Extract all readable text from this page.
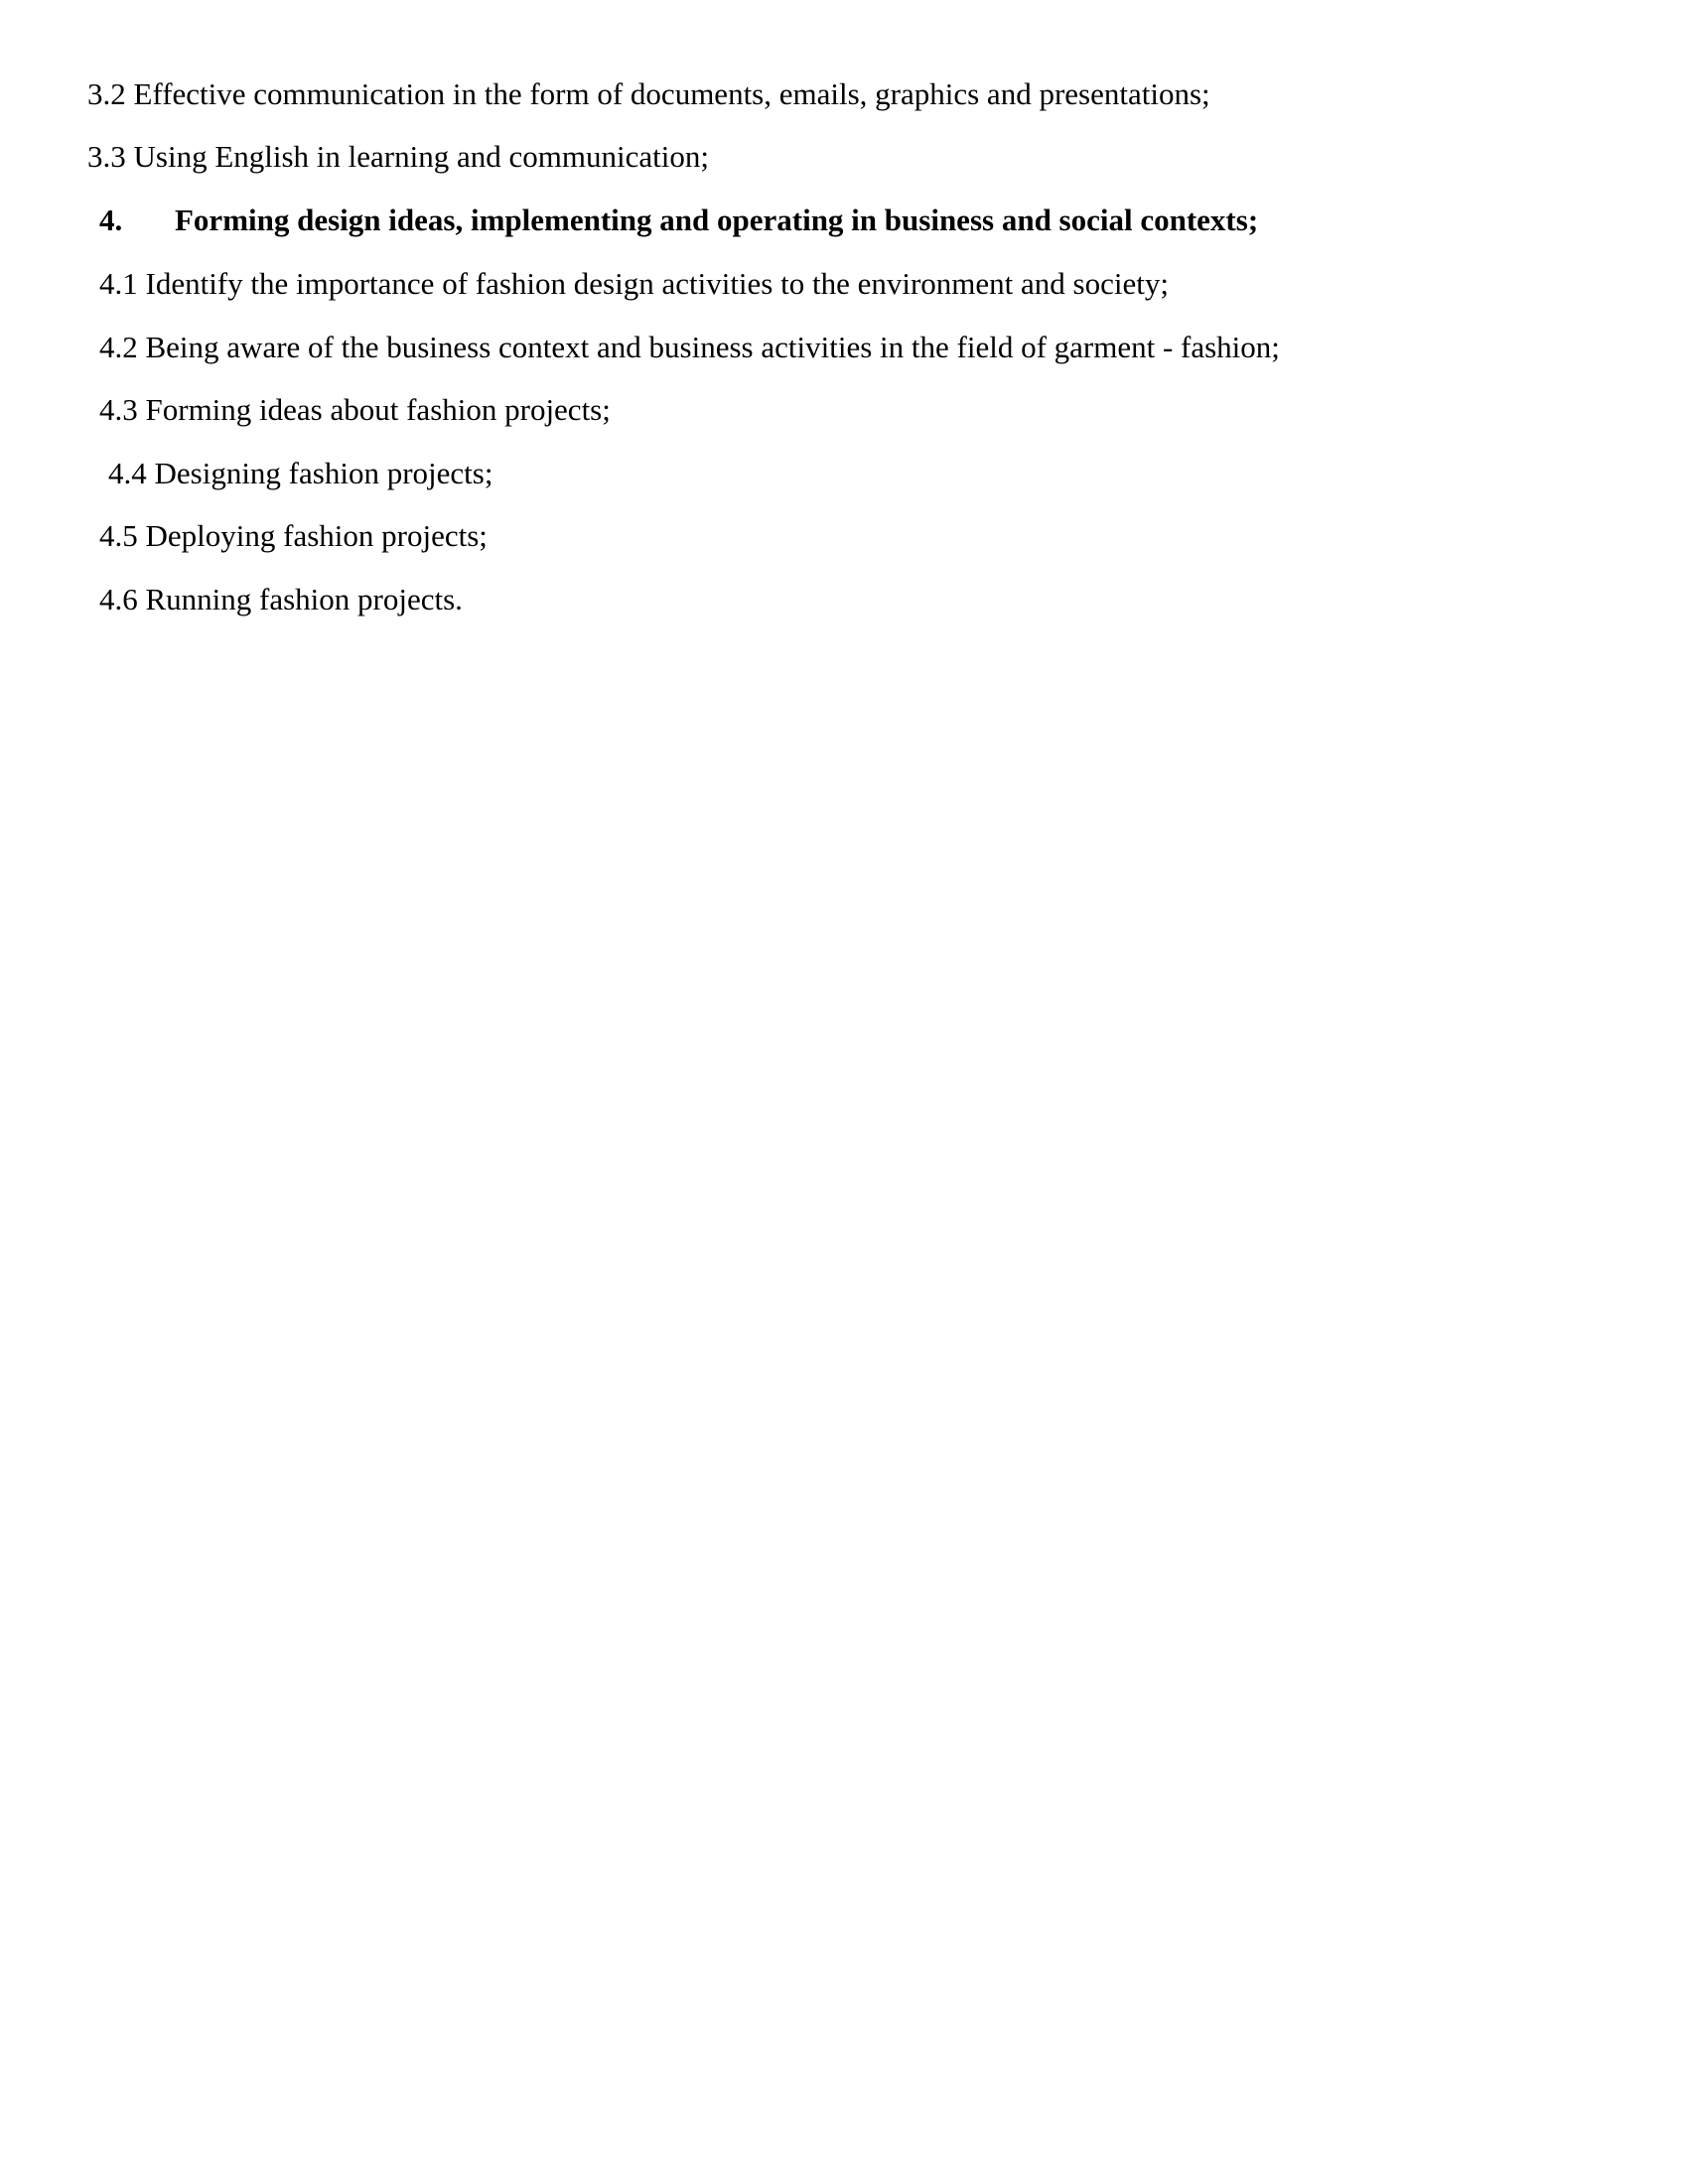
3.2 Effective communication in the form of documents, emails, graphics and presentations;
3.3 Using English in learning and communication;
4. Forming design ideas, implementing and operating in business and social contexts;
4.1 Identify the importance of fashion design activities to the environment and society;
4.2 Being aware of the business context and business activities in the field of garment - fashion;
4.3 Forming ideas about fashion projects;
4.4 Designing fashion projects;
4.5 Deploying fashion projects;
4.6 Running fashion projects.
